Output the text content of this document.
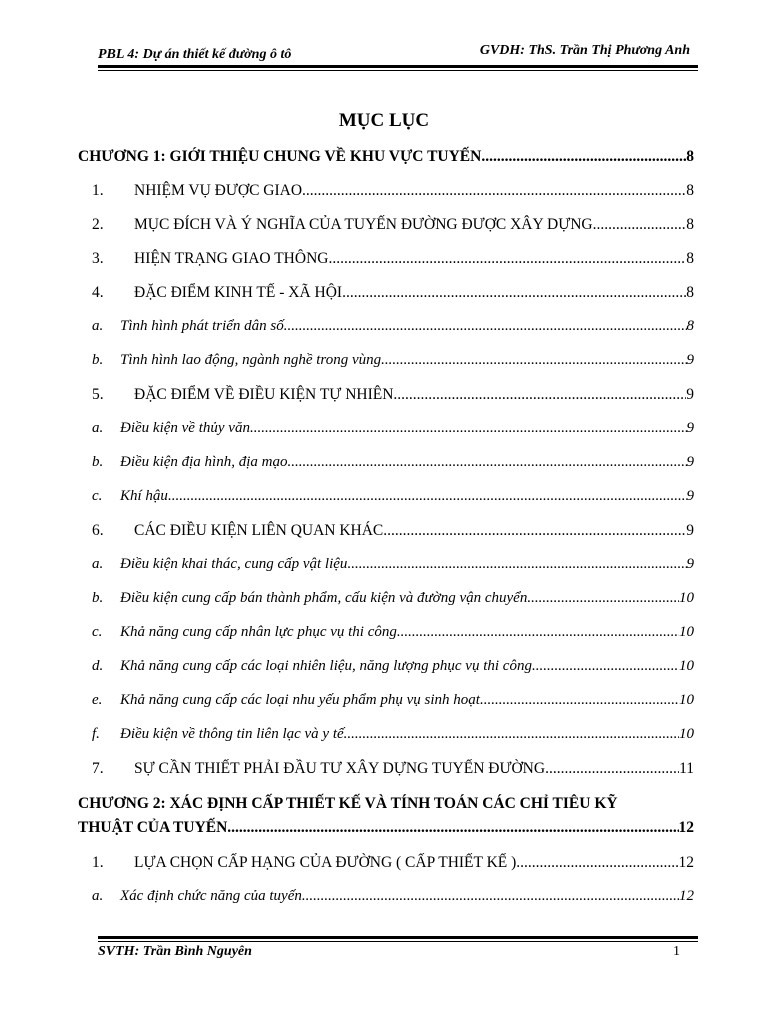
PBL 4: Dự án thiết kế đường ô tô	GVDH: ThS. Trần Thị Phương Anh
MỤC LỤC
CHƯƠNG 1: GIỚI THIỆU CHUNG VỀ KHU VỰC TUYẾN .....	8
1.	NHIỆM VỤ ĐƯỢC GIAO .....	8
2.	MỤC ĐÍCH VÀ Ý NGHĨA CỦA TUYẾN ĐƯỜNG ĐƯỢC XÂY DỰNG .....	8
3.	HIỆN TRẠNG GIAO THÔNG .....	8
4.	ĐẶC ĐIỂM KINH TẾ - XÃ HỘI .....	8
a.	Tình hình phát triển dân số .....	8
b.	Tình hình lao động, ngành nghề trong vùng .....	9
5.	ĐẶC ĐIỂM VỀ ĐIỀU KIỆN TỰ NHIÊN .....	9
a.	Điều kiện về thủy văn .....	9
b.	Điều kiện địa hình, địa mạo .....	9
c.	Khí hậu .....	9
6.	CÁC ĐIỀU KIỆN LIÊN QUAN KHÁC .....	9
a.	Điều kiện khai thác, cung cấp vật liệu .....	9
b.	Điều kiện cung cấp bán thành phẩm, cấu kiện và đường vận chuyển .....	10
c.	Khả năng cung cấp nhân lực phục vụ thi công .....	10
d.	Khả năng cung cấp các loại nhiên liệu, năng lượng phục vụ thi công .....	10
e.	Khả năng cung cấp các loại nhu yếu phẩm phụ vụ sinh hoạt .....	10
f.	Điều kiện về thông tin liên lạc và y tế .....	10
7.	SỰ CẦN THIẾT PHẢI ĐẦU TƯ XÂY DỰNG TUYẾN ĐƯỜNG .....	11
CHƯƠNG 2: XÁC ĐỊNH CẤP THIẾT KẾ VÀ TÍNH TOÁN CÁC CHỈ TIÊU KỸ
THUẬT CỦA TUYẾN .....	12
1.	LỰA CHỌN CẤP HẠNG CỦA ĐƯỜNG ( CẤP THIẾT KẾ ) .....	12
a.	Xác định chức năng của tuyến .....	12
SVTH: Trần Bình Nguyên	1
